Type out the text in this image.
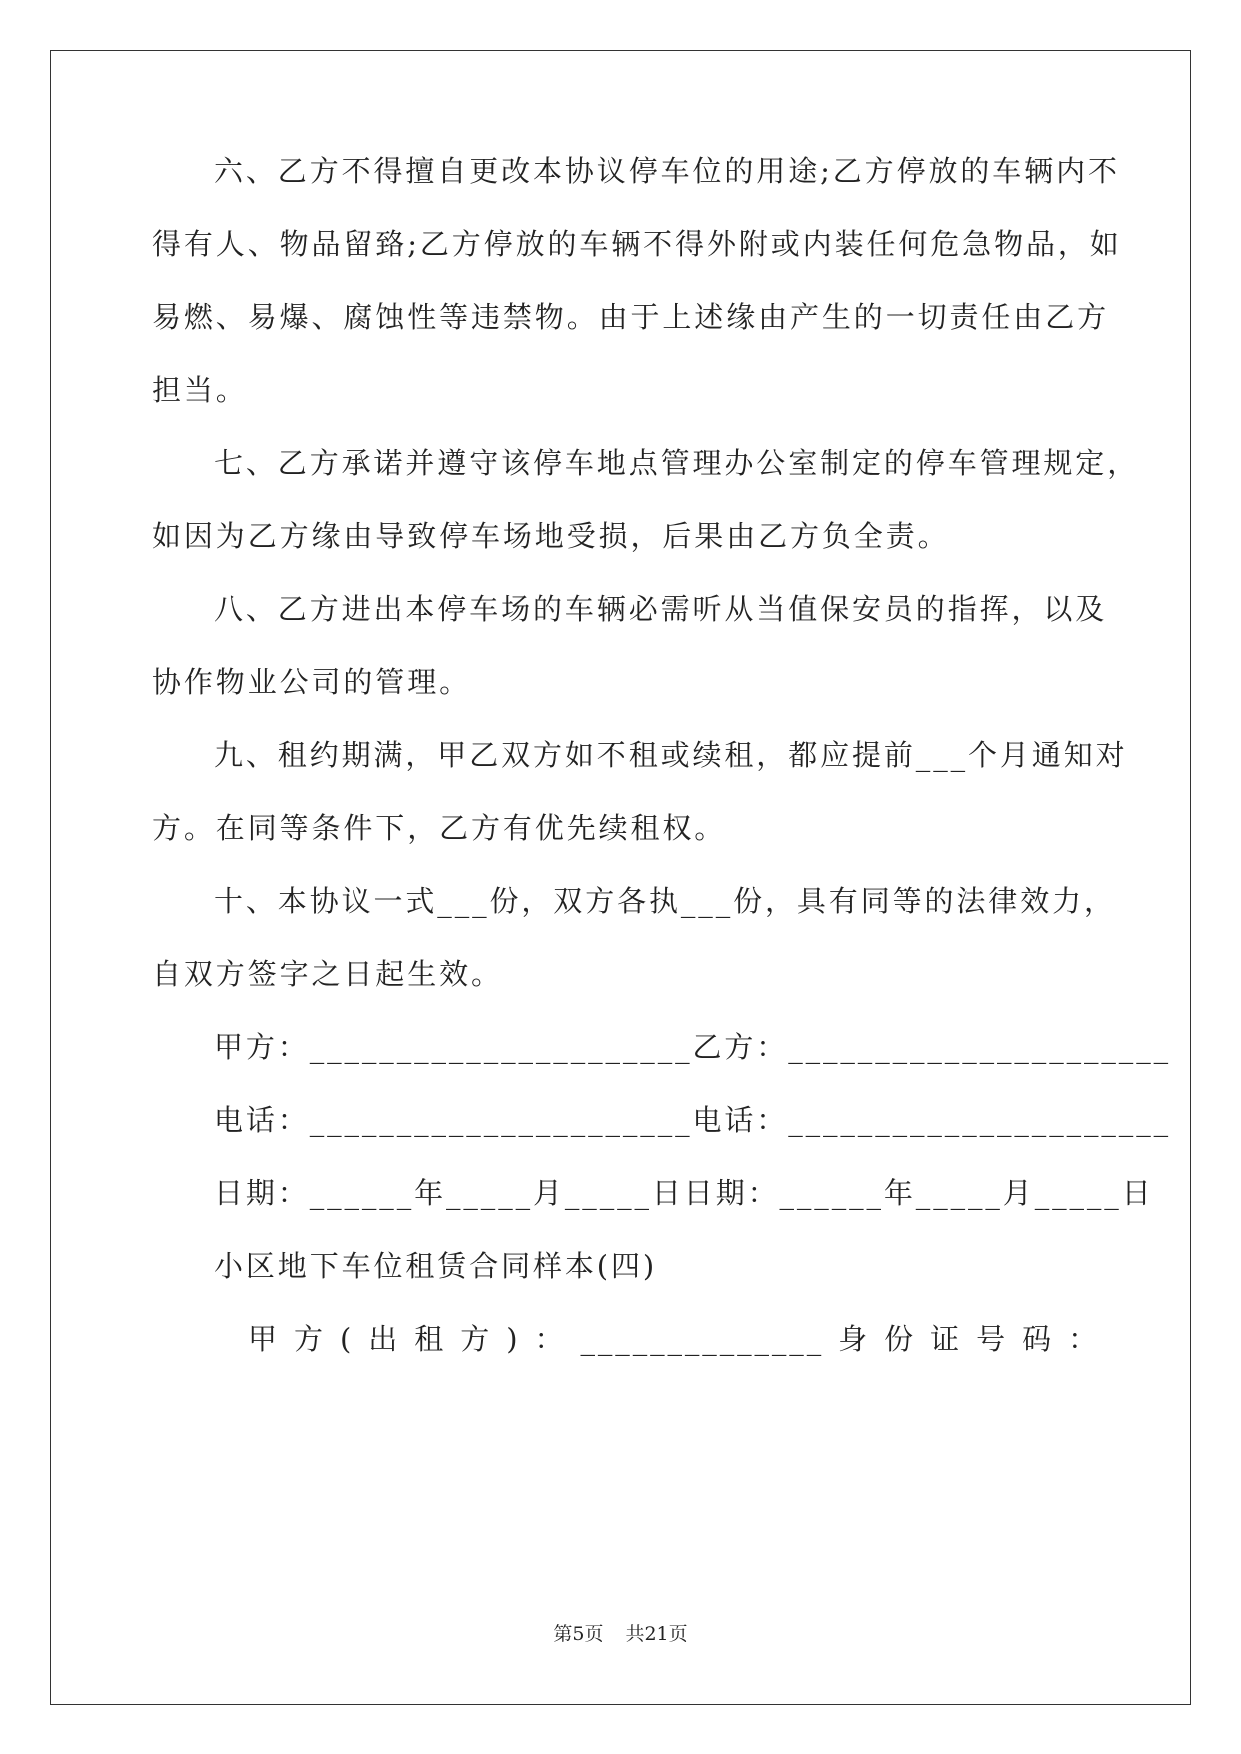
六、乙方不得擅自更改本协议停车位的用途;乙方停放的车辆内不
得有人、物品留臵;乙方停放的车辆不得外附或内装任何危急物品，如
易燃、易爆、腐蚀性等违禁物。由于上述缘由产生的一切责任由乙方
担当。
七、乙方承诺并遵守该停车地点管理办公室制定的停车管理规定，
如因为乙方缘由导致停车场地受损，后果由乙方负全责。
八、乙方进出本停车场的车辆必需听从当值保安员的指挥，以及
协作物业公司的管理。
九、租约期满，甲乙双方如不租或续租，都应提前___个月通知对
方。在同等条件下，乙方有优先续租权。
十、本协议一式___份，双方各执___份，具有同等的法律效力，
自双方签字之日起生效。
甲方：______________________乙方：______________________
电话：______________________电话：______________________
日期：______年_____月_____日日期：______年_____月_____日
小区地下车位租赁合同样本(四)
甲方(出租方)：______________身份证号码：
第5页 共21页
